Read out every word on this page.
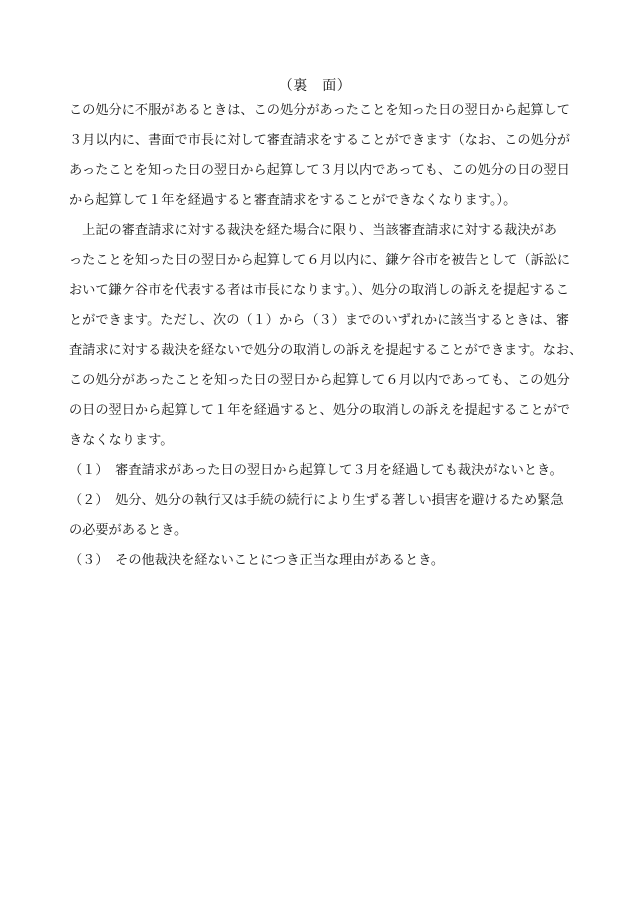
（裏　面）
この処分に不服があるときは、この処分があったことを知った日の翌日から起算して
３月以内に、書面で市長に対して審査請求をすることができます（なお、この処分が
あったことを知った日の翌日から起算して３月以内であっても、この処分の日の翌日
から起算して１年を経過すると審査請求をすることができなくなります。）。
　上記の審査請求に対する裁決を経た場合に限り、当該審査請求に対する裁決があ
ったことを知った日の翌日から起算して６月以内に、鎌ケ谷市を被告として（訴訟に
おいて鎌ケ谷市を代表する者は市長になります。）、処分の取消しの訴えを提起するこ
とができます。ただし、次の（１）から（３）までのいずれかに該当するときは、審
査請求に対する裁決を経ないで処分の取消しの訴えを提起することができます。なお、
この処分があったことを知った日の翌日から起算して６月以内であっても、この処分
の日の翌日から起算して１年を経過すると、処分の取消しの訴えを提起することがで
きなくなります。
（１）　審査請求があった日の翌日から起算して３月を経過しても裁決がないとき。
（２）　処分、処分の執行又は手続の続行により生ずる著しい損害を避けるため緊急
の必要があるとき。
（３）　その他裁決を経ないことにつき正当な理由があるとき。
